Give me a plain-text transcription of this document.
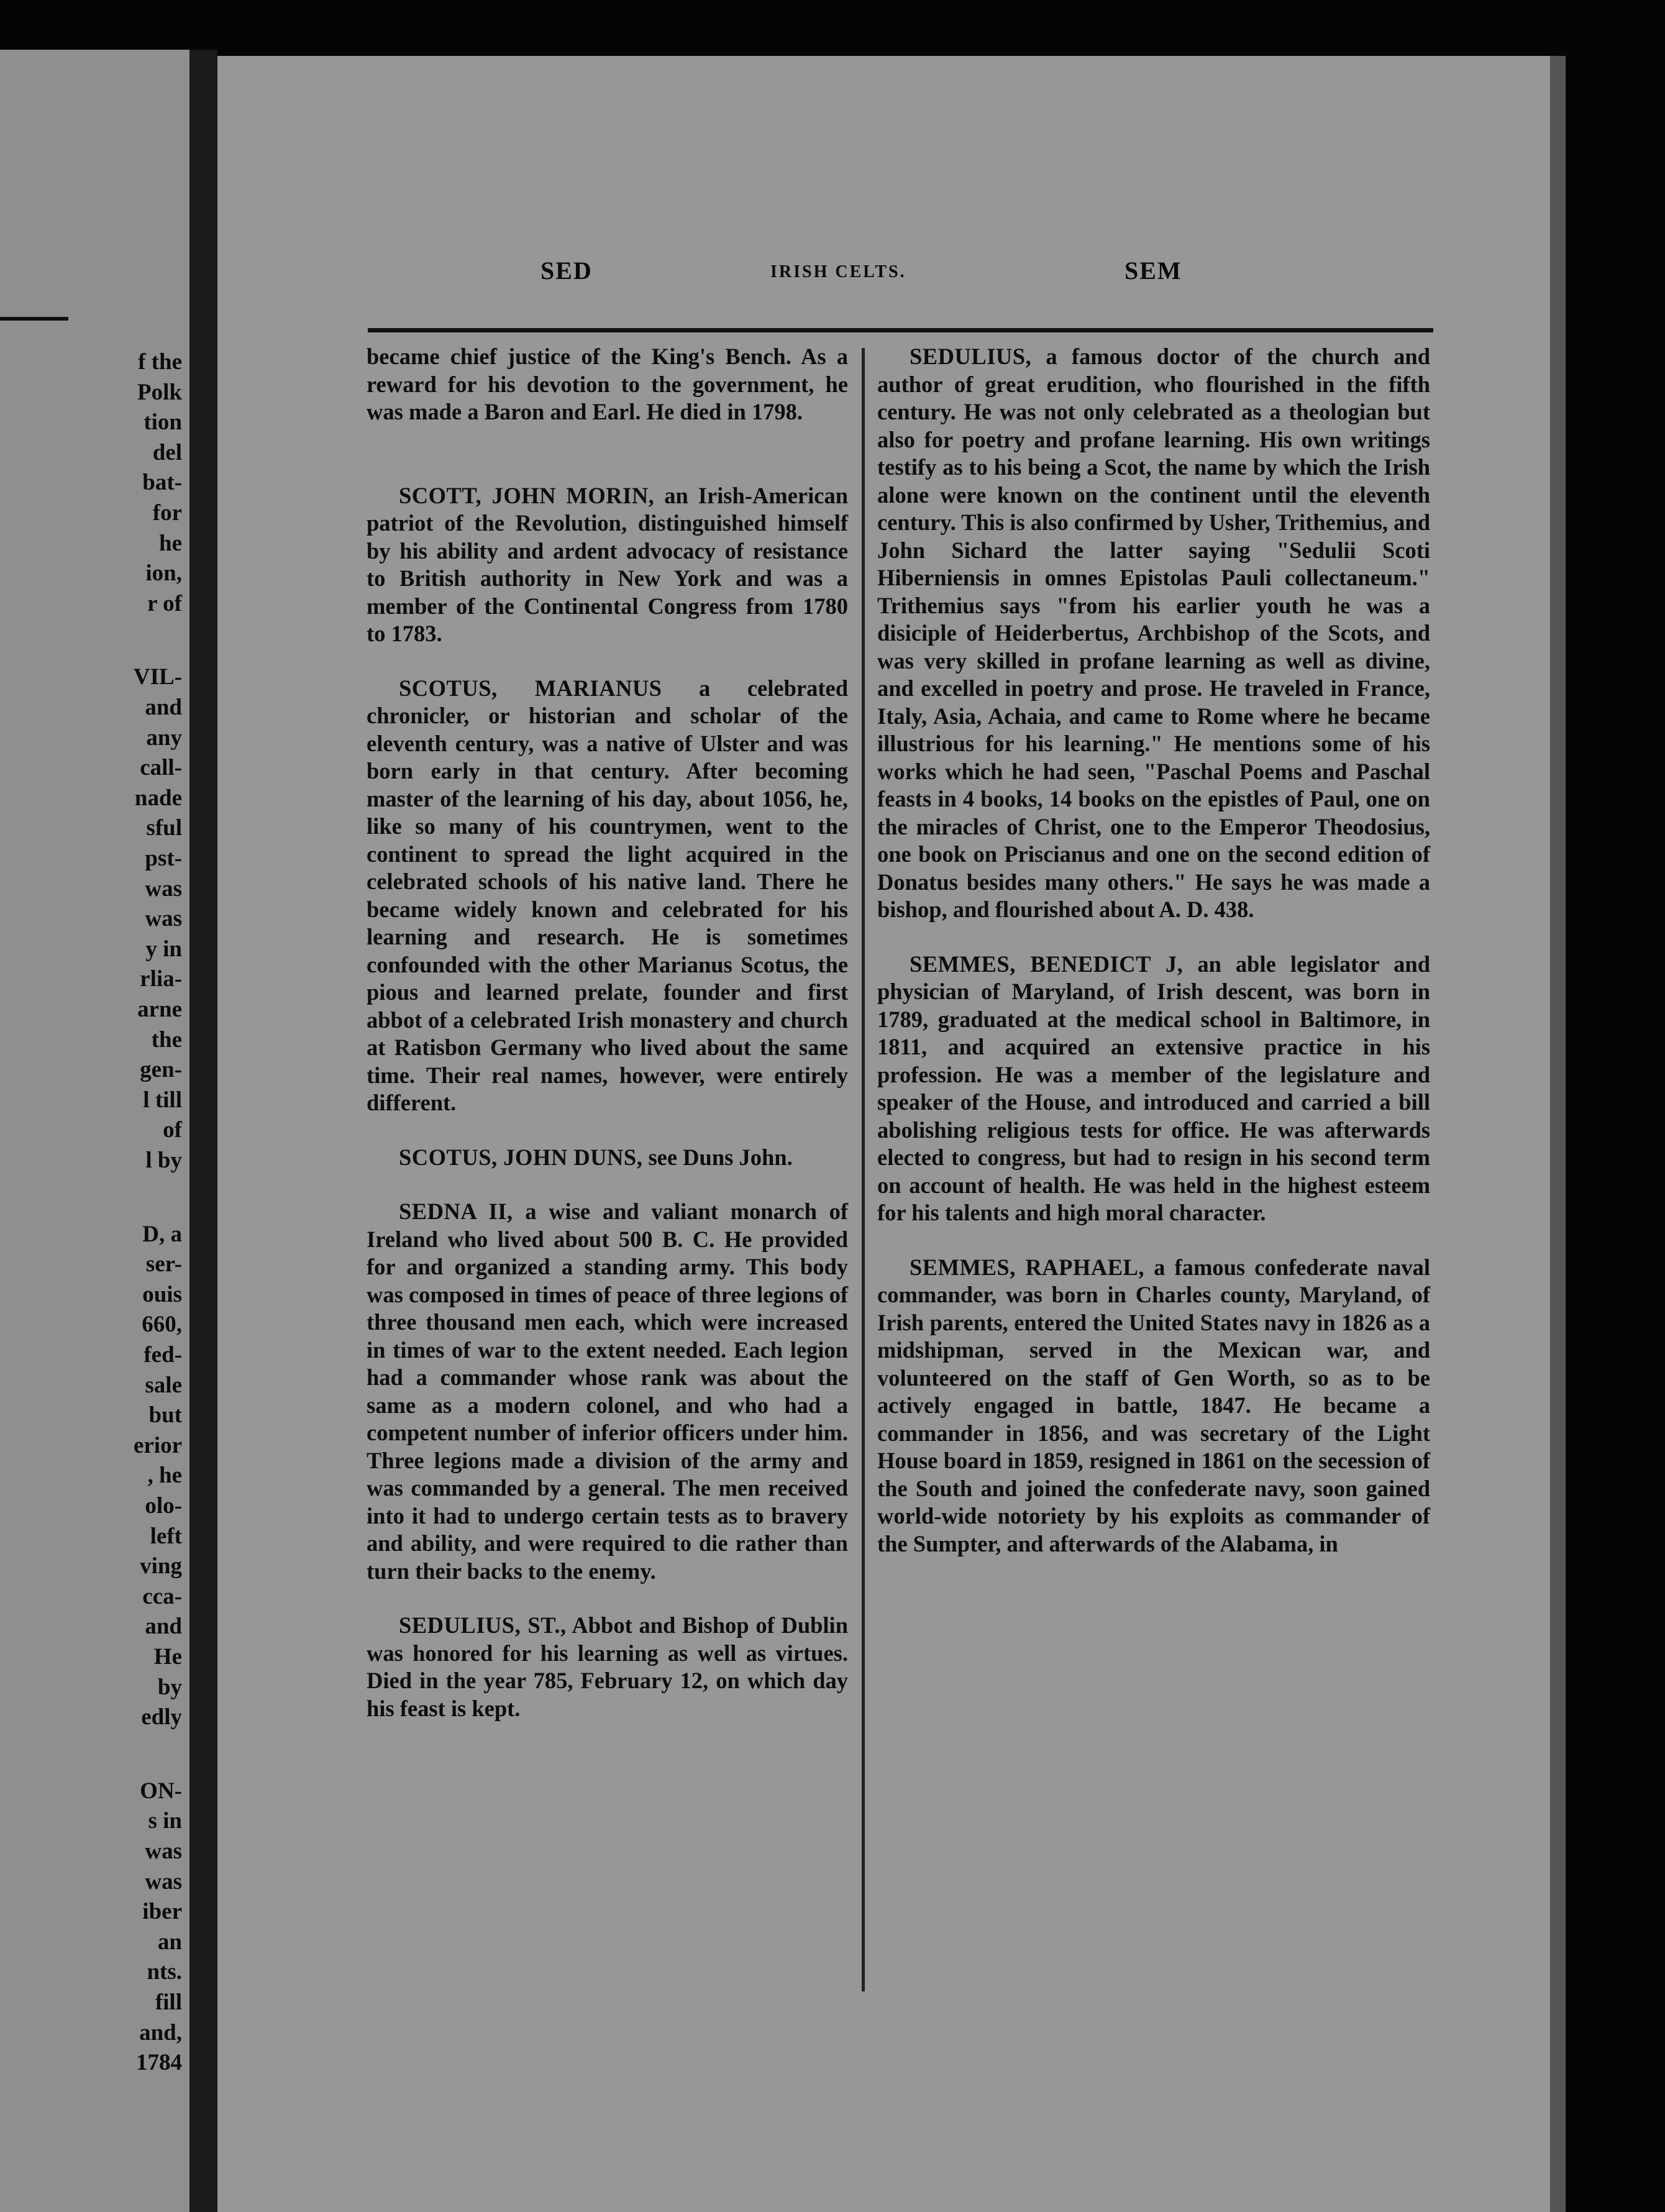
f the
Polk
tion
del
bat-
for
he
ion,
r of
VIL-
and
any
call-
nade
sful
pst-
was
was
y in
rlia-
arne
the
gen-
l till
of
l by
D, a
ser-
ouis
660,
fed-
sale
but
erior
, he
olo-
left
ving
cca-
and
He
by
edly
ON-
s in
was
was
iber
an
nts.
fill
and,
1784
SED	IRISH CELTS.	SEM

became chief justice of the King's Bench. As a reward for his devotion to the government, he was made a Baron and Earl. He died in 1798.

SCOTT, JOHN MORIN, an Irish-American patriot of the Revolution, distinguished himself by his ability and ardent advocacy of resistance to British authority in New York and was a member of the Continental Congress from 1780 to 1783.

SCOTUS, MARIANUS a celebrated chronicler, or historian and scholar of the eleventh century, was a native of Ulster and was born early in that century. After becoming master of the learning of his day, about 1056, he, like so many of his countrymen, went to the continent to spread the light acquired in the celebrated schools of his native land. There he became widely known and celebrated for his learning and research. He is sometimes confounded with the other Marianus Scotus, the pious and learned prelate, founder and first abbot of a celebrated Irish monastery and church at Ratisbon Germany who lived about the same time. Their real names, however, were entirely different.

SCOTUS, JOHN DUNS, see Duns John.

SEDNA II, a wise and valiant monarch of Ireland who lived about 500 B. C. He provided for and organized a standing army. This body was composed in times of peace of three legions of three thousand men each, which were increased in times of war to the extent needed. Each legion had a commander whose rank was about the same as a modern colonel, and who had a competent number of inferior officers under him. Three legions made a division of the army and was commanded by a general. The men received into it had to undergo certain tests as to bravery and ability, and were required to die rather than turn their backs to the enemy.

SEDULIUS, ST., Abbot and Bishop of Dublin was honored for his learning as well as virtues. Died in the year 785, February 12, on which day his feast is kept.

SEDULIUS, a famous doctor of the church and author of great erudition, who flourished in the fifth century. He was not only celebrated as a theologian but also for poetry and profane learning. His own writings testify as to his being a Scot, the name by which the Irish alone were known on the continent until the eleventh century. This is also confirmed by Usher, Trithemius, and John Sichard the latter saying "Sedulii Scoti Hiberniensis in omnes Epistolas Pauli collectaneum." Trithemius says "from his earlier youth he was a disiciple of Heiderbertus, Archbishop of the Scots, and was very skilled in profane learning as well as divine, and excelled in poetry and prose. He traveled in France, Italy, Asia, Achaia, and came to Rome where he became illustrious for his learning." He mentions some of his works which he had seen, "Paschal Poems and Paschal feasts in 4 books, 14 books on the epistles of Paul, one on the miracles of Christ, one to the Emperor Theodosius, one book on Priscianus and one on the second edition of Donatus besides many others." He says he was made a bishop, and flourished about A. D. 438.

SEMMES, BENEDICT J, an able legislator and physician of Maryland, of Irish descent, was born in 1789, graduated at the medical school in Baltimore, in 1811, and acquired an extensive practice in his profession. He was a member of the legislature and speaker of the House, and introduced and carried a bill abolishing religious tests for office. He was afterwards elected to congress, but had to resign in his second term on account of health. He was held in the highest esteem for his talents and high moral character.

SEMMES, RAPHAEL, a famous confederate naval commander, was born in Charles county, Maryland, of Irish parents, entered the United States navy in 1826 as a midshipman, served in the Mexican war, and volunteered on the staff of Gen Worth, so as to be actively engaged in battle, 1847. He became a commander in 1856, and was secretary of the Light House board in 1859, resigned in 1861 on the secession of the South and joined the confederate navy, soon gained world-wide notoriety by his exploits as commander of the Sumpter, and afterwards of the Alabama, in
